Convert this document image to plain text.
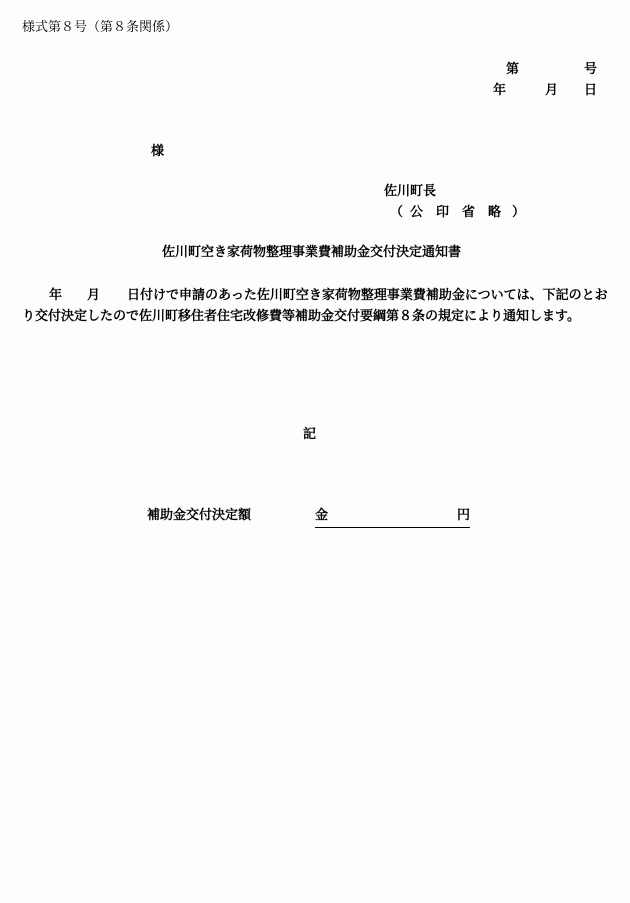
様式第８号（第８条関係）
第	号
年	月 日
様
佐川町長
（ 公 印 省 略 ）
佐川町空き家荷物整理事業費補助金交付決定通知書
年 月 日付けで申請のあった佐川町空き家荷物整理事業費補助金については、下記のとおり交付決定したので佐川町移住者住宅改修費等補助金交付要綱第８条の規定により通知します。
記
補助金交付決定額	金	円
